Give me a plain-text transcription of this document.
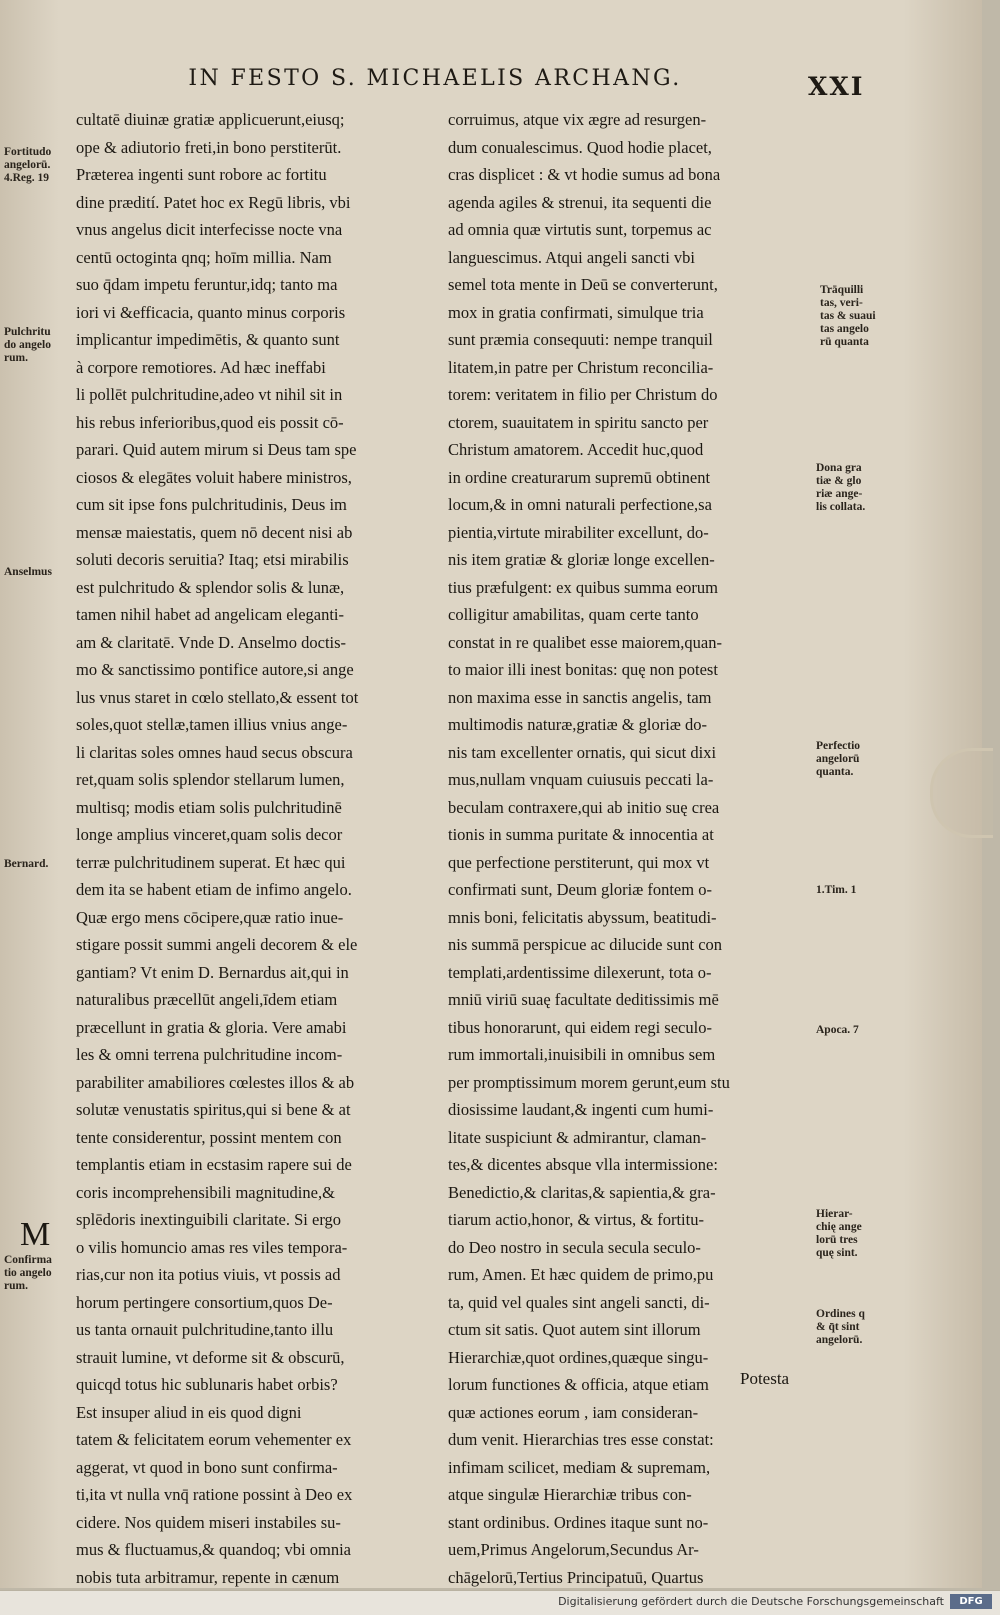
IN FESTO S. MICHAELIS ARCHANG.	XXI
cultatē diuinæ gratiæ applicuerunt,eiusq;
ope & adiutorio freti,in bono perstiterūt.
Præterea ingenti sunt robore ac fortitu
dine prædití. Patet hoc ex Regū libris, vbi
vnus angelus dicit interfecisse nocte vna
centū octoginta qnq; hoīm millia. Nam
suo q̄dam impetu feruntur,idq; tanto ma
iori vi &efficacia, quanto minus corporis
implicantur impedimētis, & quanto sunt
à corpore remotiores. Ad hæc ineffabi
li pollēt pulchritudine,adeo vt nihil sit in
his rebus inferioribus,quod eis possit cō-
parari. Quid autem mirum si Deus tam spe
ciosos & elegātes voluit habere ministros,
cum sit ipse fons pulchritudinis, Deus im
mensæ maiestatis, quem nō decent nisi ab
soluti decoris seruitia? Itaq; etsi mirabilis
est pulchritudo & splendor solis & lunæ,
tamen nihil habet ad angelicam eleganti-
am & claritatē. Vnde D. Anselmo doctis-
mo & sanctissimo pontifice autore,si ange
lus vnus staret in cœlo stellato,& essent tot
soles,quot stellæ,tamen illius vnius ange-
li claritas soles omnes haud secus obscura
ret,quam solis splendor stellarum lumen,
multisq; modis etiam solis pulchritudinē
longe amplius vinceret,quam solis decor
terræ pulchritudinem superat. Et hæc qui
dem ita se habent etiam de infimo angelo.
Quæ ergo mens cōcipere,quæ ratio inue-
stigare possit summi angeli decorem & ele
gantiam? Vt enim D. Bernardus ait,qui in
naturalibus præcellūt angeli,īdem etiam
præcellunt in gratia & gloria. Vere amabi
les & omni terrena pulchritudine incom-
parabiliter amabiliores cœlestes illos & ab
solutæ venustatis spiritus,qui si bene & at
tente considerentur, possint mentem con
templantis etiam in ecstasim rapere sui de
coris incomprehensibili magnitudine,&
splēdoris inextinguibili claritate. Si ergo
o vilis homuncio amas res viles tempora-
rias,cur non ita potius viuis, vt possis ad
horum pertingere consortium,quos De-
us tanta ornauit pulchritudine,tanto illu
strauit lumine, vt deforme sit & obscurū,
quicqd totus hic sublunaris habet orbis?
Est insuper aliud in eis quod digni
tatem & felicitatem eorum vehementer ex
aggerat, vt quod in bono sunt confirma-
ti,ita vt nulla vnq̄ ratione possint à Deo ex
cidere. Nos quidem miseri instabiles su-
mus & fluctuamus,& quandoq; vbi omnia
nobis tuta arbitramur, repente in cænum
corruimus, atque vix ægre ad resurgen-
dum conualescimus. Quod hodie placet,
cras displicet : & vt hodie sumus ad bona
agenda agiles & strenui, ita sequenti die
ad omnia quæ virtutis sunt, torpemus ac
languescimus. Atqui angeli sancti vbi
semel tota mente in Deū se converterunt,
mox in gratia confirmati, simulque tria
sunt præmia consequuti: nempe tranquil
litatem,in patre per Christum reconcilia-
torem: veritatem in filio per Christum do
ctorem, suauitatem in spiritu sancto per
Christum amatorem. Accedit huc,quod
in ordine creaturarum supremū obtinent
locum,& in omni naturali perfectione,sa
pientia,virtute mirabiliter excellunt, do-
nis item gratiæ & gloriæ longe excellen-
tius præfulgent: ex quibus summa eorum
colligitur amabilitas, quam certe tanto
constat in re qualibet esse maiorem,quan-
to maior illi inest bonitas: quę non potest
non maxima esse in sanctis angelis, tam
multimodis naturæ,gratiæ & gloriæ do-
nis tam excellenter ornatis, qui sicut dixi
mus,nullam vnquam cuiusuis peccati la-
beculam contraxere,qui ab initio suę crea
tionis in summa puritate & innocentia at
que perfectione perstiterunt, qui mox vt
confirmati sunt, Deum gloriæ fontem o-
mnis boni, felicitatis abyssum, beatitudi-
nis summā perspicue ac dilucide sunt con
templati,ardentissime dilexerunt, tota o-
mniū viriū suaę facultate deditissimis mē
tibus honorarunt, qui eidem regi seculo-
rum immortali,inuisibili in omnibus sem
per promptissimum morem gerunt,eum stu
diosissime laudant,& ingenti cum humi-
litate suspiciunt & admirantur, claman-
tes,& dicentes absque vlla intermissione:
Benedictio,& claritas,& sapientia,& gra-
tiarum actio,honor, & virtus, & fortitu-
do Deo nostro in secula secula seculo-
rum, Amen. Et hæc quidem de primo,pu
ta, quid vel quales sint angeli sancti, di-
ctum sit satis. Quot autem sint illorum
Hierarchiæ,quot ordines,quæque singu-
lorum functiones & officia, atque etiam
quæ actiones eorum , iam consideran-
dum venit. Hierarchias tres esse constat:
infimam scilicet, mediam & supremam,
atque singulæ Hierarchiæ tribus con-
stant ordinibus. Ordines itaque sunt no-
uem,Primus Angelorum,Secundus Ar-
chāgelorū,Tertius Principatuū, Quartus
Potesta
M
Fortitudo
angelorū.
4.Reg. 19
Pulchritu
do angelo
rum.
Anselmus
Bernard.
Confirma
tio angelo
rum.
Trāquilli
tas, veri-
tas & suaui
tas angelo
rū quanta
Dona gra
tiæ & glo
riæ ange-
lis collata.
Perfectio
angelorū
quanta.
1.Tim. 1
Apoca. 7
Hierar-
chię ange
lorū tres
quę sint.
Ordines q
& q̄t sint
angelorū.
Digitalisierung gefördert durch die Deutsche Forschungsgemeinschaft	DFG
